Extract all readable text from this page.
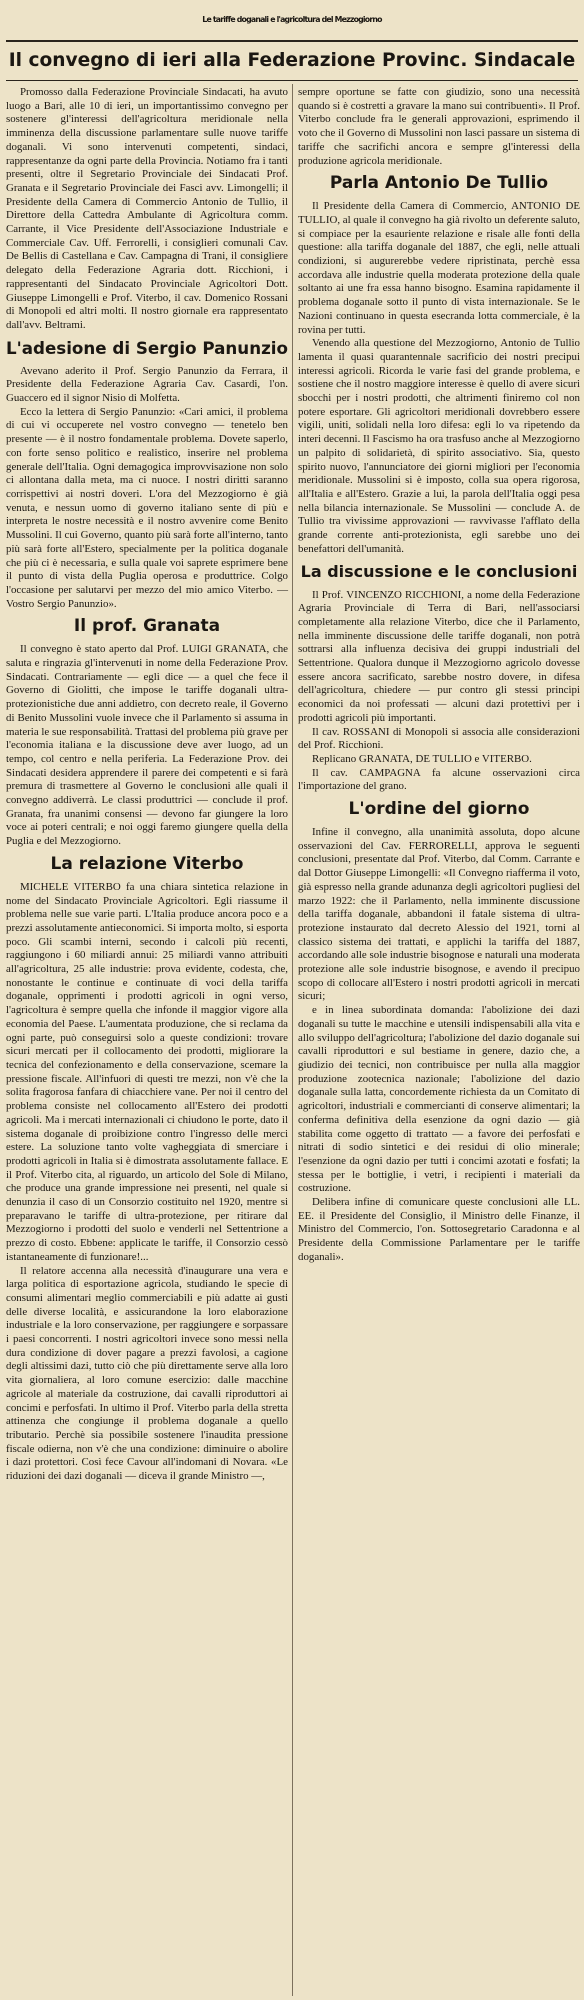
Le tariffe doganali e l'agricoltura del Mezzogiorno
Il convegno di ieri alla Federazione Provinc. Sindacale

Promosso dalla Federazione Provinciale Sindacati, ha avuto luogo a Bari, alle 10 di ieri, un importantissimo convegno per sostenere gl'interessi dell'agricoltura meridionale nella imminenza della discussione parlamentare sulle nuove tariffe doganali. Vi sono intervenuti competenti, sindaci, rappresentanze da ogni parte della Provincia. Notiamo fra i tanti presenti, oltre il Segretario Provinciale dei Sindacati Prof. Granata e il Segretario Provinciale dei Fasci avv. Limongelli; il Presidente della Camera di Commercio Antonio de Tullio, il Direttore della Cattedra Ambulante di Agricoltura comm. Carrante, il Vice Presidente dell'Associazione Industriale e Commerciale Cav. Uff. Ferrorelli, i consiglieri comunali Cav. De Bellis di Castellana e Cav. Campagna di Trani, il consigliere delegato della Federazione Agraria dott. Ricchioni, i rappresentanti del Sindacato Provinciale Agricoltori Dott. Giuseppe Limongelli e Prof. Viterbo, il cav. Domenico Rossani di Monopoli ed altri molti. Il nostro giornale era rappresentato dall'avv. Beltrami.

L'adesione di Sergio Panunzio

Avevano aderito il Prof. Sergio Panunzio da Ferrara, il Presidente della Federazione Agraria Cav. Casardi, l'on. Guaccero ed il signor Nisio di Molfetta.

Ecco la lettera di Sergio Panunzio: «Cari amici, il problema di cui vi occuperete nel vostro convegno — tenetelo ben presente — è il nostro fondamentale problema. Dovete saperlo, con forte senso politico e realistico, inserire nel problema generale dell'Italia. Ogni demagogica improvvisazione non solo ci allontana dalla meta, ma ci nuoce. I nostri diritti saranno corrispettivi ai nostri doveri. L'ora del Mezzogiorno è già venuta, e nessun uomo di governo italiano sente di più e interpreta le nostre necessità e il nostro avvenire come Benito Mussolini. Il cui Governo, quanto più sarà forte all'interno, tanto più sarà forte all'Estero, specialmente per la politica doganale che più ci è necessaria, e sulla quale voi saprete esprimere bene il punto di vista della Puglia operosa e produttrice. Colgo l'occasione per salutarvi per mezzo del mio amico Viterbo. — Vostro Sergio Panunzio».

Il prof. Granata

Il convegno è stato aperto dal Prof. LUIGI GRANATA, che saluta e ringrazia gl'intervenuti in nome della Federazione Prov. Sindacati. Contrariamente — egli dice — a quel che fece il Governo di Giolitti, che impose le tariffe doganali ultra-protezionistiche due anni addietro, con decreto reale, il Governo di Benito Mussolini vuole invece che il Parlamento si assuma in materia le sue responsabilità. Trattasi del problema più grave per l'economia italiana e la discussione deve aver luogo, ad un tempo, col centro e nella periferia. La Federazione Prov. dei Sindacati desidera apprendere il parere dei competenti e si farà premura di trasmettere al Governo le conclusioni alle quali il convegno addiverrà. Le classi produttrici — conclude il prof. Granata, fra unanimi consensi — devono far giungere la loro voce ai poteri centrali; e noi oggi faremo giungere quella della Puglia e del Mezzogiorno.

La relazione Viterbo

MICHELE VITERBO fa una chiara sintetica relazione in nome del Sindacato Provinciale Agricoltori. Egli riassume il problema nelle sue varie parti. L'Italia produce ancora poco e a prezzi assolutamente antieconomici. Si importa molto, si esporta poco. Gli scambi interni, secondo i calcoli più recenti, raggiungono i 60 miliardi annui: 25 miliardi vanno attribuiti all'agricoltura, 25 alle industrie: prova evidente, codesta, che, nonostante le continue e continuate di voci della tariffa doganale, opprimenti i prodotti agricoli in ogni verso, l'agricoltura è sempre quella che infonde il maggior vigore alla economia del Paese. L'aumentata produzione, che si reclama da ogni parte, può conseguirsi solo a queste condizioni: trovare sicuri mercati per il collocamento dei prodotti, migliorare la tecnica del confezionamento e della conservazione, scemare la pressione fiscale. All'infuori di questi tre mezzi, non v'è che la solita fragorosa fanfara di chiacchiere vane. Per noi il centro del problema consiste nel collocamento all'Estero dei prodotti agricoli. Ma i mercati internazionali ci chiudono le porte, dato il sistema doganale di proibizione contro l'ingresso delle merci estere. La soluzione tanto volte vagheggiata di smerciare i prodotti agricoli in Italia si è dimostrata assolutamente fallace. E il Prof. Viterbo cita, al riguardo, un articolo del Sole di Milano, che produce una grande impressione nei presenti, nel quale si denunzia il caso di un Consorzio costituito nel 1920, mentre si preparavano le tariffe di ultra-protezione, per ritirare dal Mezzogiorno i prodotti del suolo e venderli nel Settentrione a prezzo di costo. Ebbene: applicate le tariffe, il Consorzio cessò istantaneamente di funzionare!...

Il relatore accenna alla necessità d'inaugurare una vera e larga politica di esportazione agricola, studiando le specie di consumi alimentari meglio commerciabili e più adatte ai gusti delle diverse località, e assicurandone la loro elaborazione industriale e la loro conservazione, per raggiungere e sorpassare i paesi concorrenti. I nostri agricoltori invece sono messi nella dura condizione di dover pagare a prezzi favolosi, a cagione degli altissimi dazi, tutto ciò che più direttamente serve alla loro vita giornaliera, al loro comune esercizio: dalle macchine agricole al materiale da costruzione, dai cavalli riproduttori ai concimi e perfosfati. In ultimo il Prof. Viterbo parla della stretta attinenza che congiunge il problema doganale a quello tributario. Perchè sia possibile sostenere l'inaudita pressione fiscale odierna, non v'è che una condizione: diminuire o abolire i dazi protettori. Così fece Cavour all'indomani di Novara. «Le riduzioni dei dazi doganali — diceva il grande Ministro —,

sempre oportune se fatte con giudizio, sono una necessità quando si è costretti a gravare la mano sui contribuenti». Il Prof. Viterbo conclude fra le generali approvazioni, esprimendo il voto che il Governo di Mussolini non lasci passare un sistema di tariffe che sacrifichi ancora e sempre gl'interessi della produzione agricola meridionale.

Parla Antonio De Tullio

Il Presidente della Camera di Commercio, ANTONIO DE TULLIO, al quale il convegno ha già rivolto un deferente saluto, si compiace per la esauriente relazione e risale alle fonti della questione: alla tariffa doganale del 1887, che egli, nelle attuali condizioni, si augurerebbe vedere ripristinata, perchè essa accordava alle industrie quella moderata protezione della quale soltanto ai une fra essa hanno bisogno. Esamina rapidamente il problema doganale sotto il punto di vista internazionale. Se le Nazioni continuano in questa esecranda lotta commerciale, è la rovina per tutti.

Venendo alla questione del Mezzogiorno, Antonio de Tullio lamenta il quasi quarantennale sacrificio dei nostri precipui interessi agricoli. Ricorda le varie fasi del grande problema, e sostiene che il nostro maggiore interesse è quello di avere sicuri sbocchi per i nostri prodotti, che altrimenti finiremo col non potere esportare. Gli agricoltori meridionali dovrebbero essere vigili, uniti, solidali nella loro difesa: egli lo va ripetendo da interi decenni. Il Fascismo ha ora trasfuso anche al Mezzogiorno un palpito di solidarietà, di spirito associativo. Sia, questo spirito nuovo, l'annunciatore dei giorni migliori per l'economia meridionale. Mussolini si è imposto, colla sua opera rigorosa, all'Italia e all'Estero. Grazie a lui, la parola dell'Italia oggi pesa nella bilancia internazionale. Se Mussolini — conclude A. de Tullio tra vivissime approvazioni — ravvivasse l'afflato della grande corrente anti-protezionista, egli sarebbe uno dei benefattori dell'umanità.

La discussione e le conclusioni

Il Prof. VINCENZO RICCHIONI, a nome della Federazione Agraria Provinciale di Terra di Bari, nell'associarsi completamente alla relazione Viterbo, dice che il Parlamento, nella imminente discussione delle tariffe doganali, non potrà sottrarsi alla influenza decisiva dei gruppi industriali del Settentrione. Qualora dunque il Mezzogiorno agricolo dovesse essere ancora sacrificato, sarebbe nostro dovere, in difesa dell'agricoltura, chiedere — pur contro gli stessi principi economici da noi professati — alcuni dazi protettivi per i prodotti agricoli più importanti.

Il cav. ROSSANI di Monopoli si associa alle considerazioni del Prof. Ricchioni.

Replicano GRANATA, DE TULLIO e VITERBO.

Il cav. CAMPAGNA fa alcune osservazioni circa l'importazione del grano.

L'ordine del giorno

Infine il convegno, alla unanimità assoluta, dopo alcune osservazioni del Cav. FERRORELLI, approva le seguenti conclusioni, presentate dal Prof. Viterbo, dal Comm. Carrante e dal Dottor Giuseppe Limongelli: «Il Convegno riafferma il voto, già espresso nella grande adunanza degli agricoltori pugliesi del marzo 1922: che il Parlamento, nella imminente discussione della tariffa doganale, abbandoni il fatale sistema di ultra-protezione instaurato dal decreto Alessio del 1921, torni al classico sistema dei trattati, e applichi la tariffa del 1887, accordando alle sole industrie bisognose e naturali una moderata protezione alle sole industrie bisognose, e avendo il precipuo scopo di collocare all'Estero i nostri prodotti agricoli in mercati sicuri;

e in linea subordinata domanda: l'abolizione dei dazi doganali su tutte le macchine e utensili indispensabili alla vita e allo sviluppo dell'agricoltura; l'abolizione del dazio doganale sui cavalli riproduttori e sul bestiame in genere, dazio che, a giudizio dei tecnici, non contribuisce per nulla alla maggior produzione zootecnica nazionale; l'abolizione del dazio doganale sulla latta, concordemente richiesta da un Comitato di agricoltori, industriali e commercianti di conserve alimentari; la conferma definitiva della esenzione da ogni dazio — già stabilita come oggetto di trattato — a favore dei perfosfati e nitrati di sodio sintetici e dei residui di olio minerale; l'esenzione da ogni dazio per tutti i concimi azotati e fosfati; la stessa per le bottiglie, i vetri, i recipienti i materiali da costruzione.

Delibera infine di comunicare queste conclusioni alle LL. EE. il Presidente del Consiglio, il Ministro delle Finanze, il Ministro del Commercio, l'on. Sottosegretario Caradonna e al Presidente della Commissione Parlamentare per le tariffe doganali».
